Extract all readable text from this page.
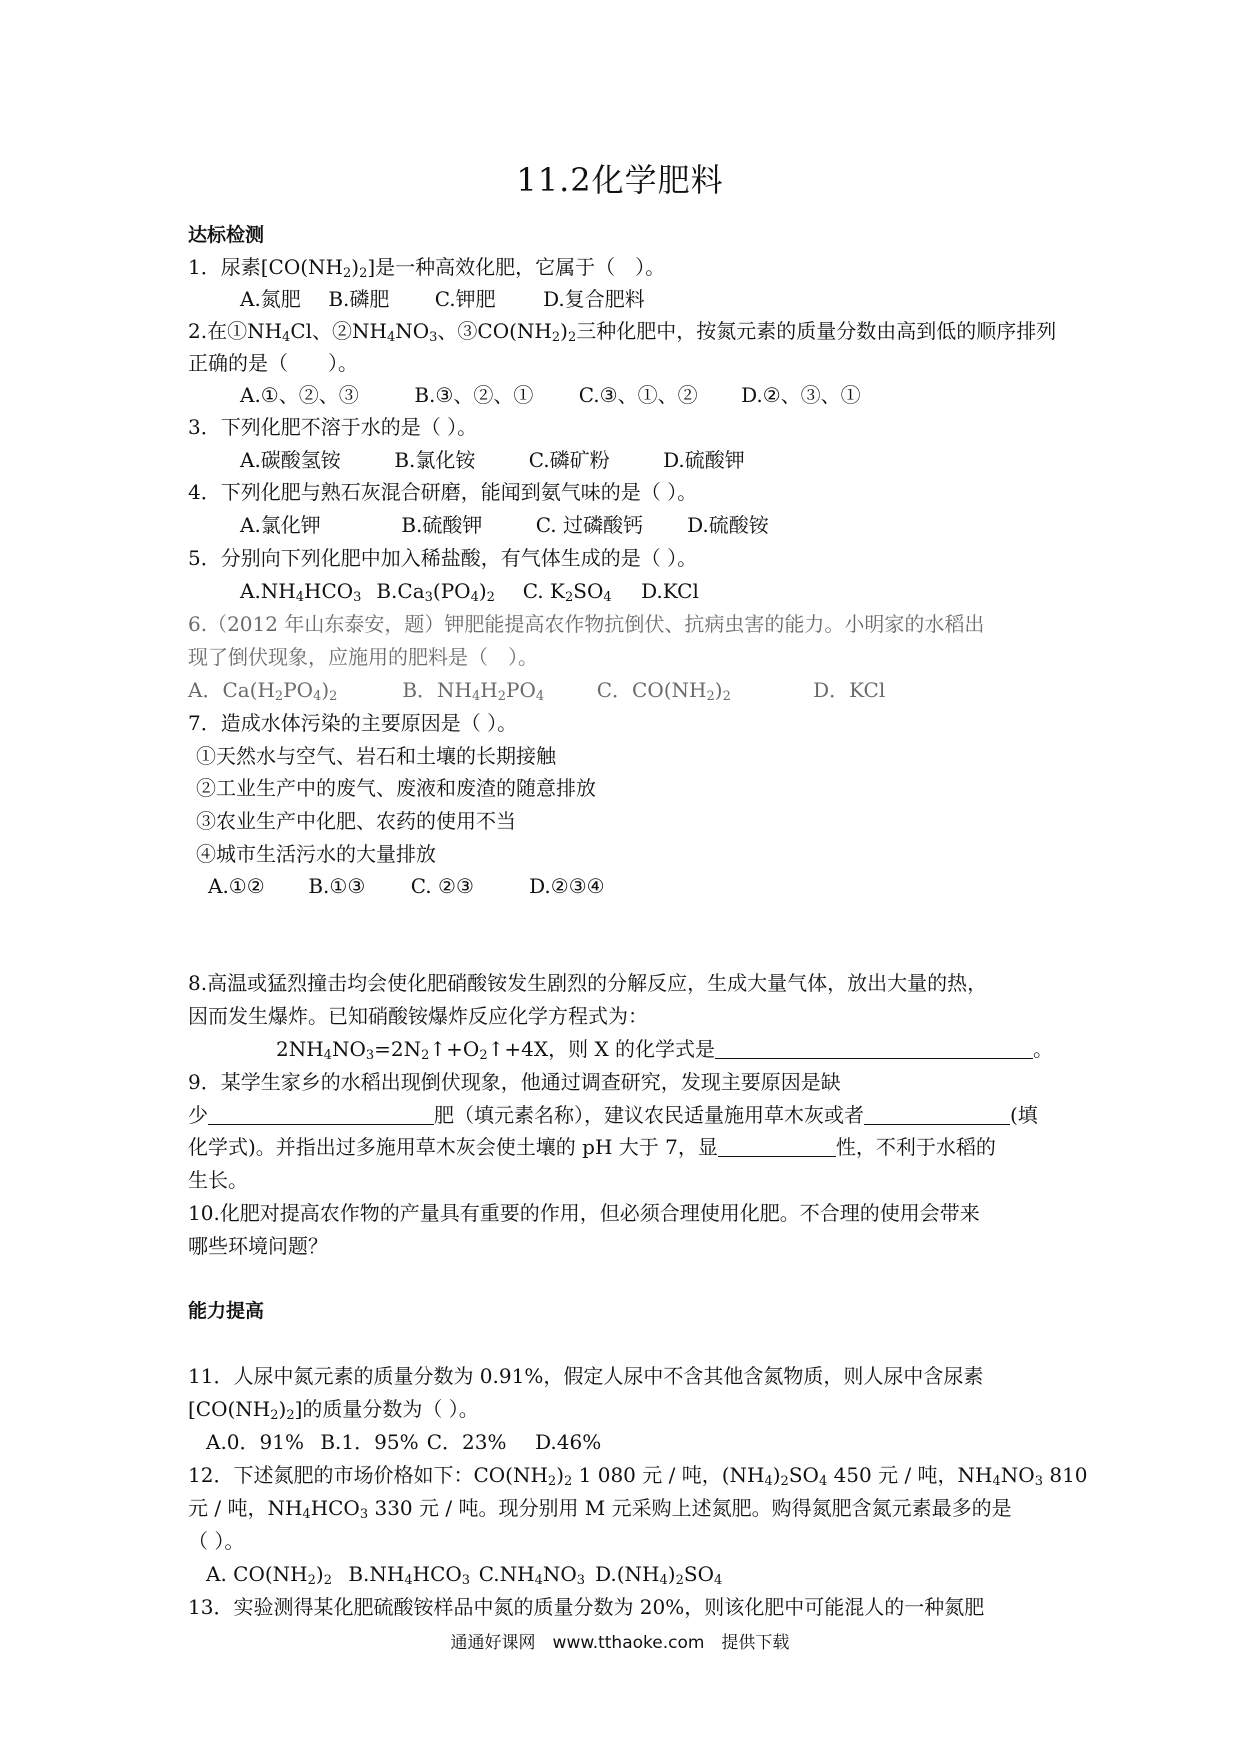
11.2化学肥料
达标检测
1．尿素$[CO(NH_2)_2]$是一种高效化肥，它属于（　）。
A.氮肥 B.磷肥 C.钾肥 D.复合肥料
2.在$①NH_4Cl$、$②NH_4NO_3$、$③CO(NH_2)_2$三种化肥中，按氮元素的质量分数由高到低的顺序排列
正确的是（　　）。
A.①、②、③	B.③、②、① C.③、①、② D.②、③、①
3．下列化肥不溶于水的是（ ）。
A.碳酸氢铵	B.氯化铵	C.磷矿粉	D.硫酸钾
4．下列化肥与熟石灰混合研磨，能闻到氨气味的是（ ）。
A.氯化钾	B.硫酸钾	C. 过磷酸钙 D.硫酸铵
5．分别向下列化肥中加入稀盐酸，有气体生成的是（ ）。
$A.NH_4HCO_3$ $B.Ca_3(PO_4)_2$ C. $K_2SO_4$ D.KCl
6.（2012 年山东泰安，题）钾肥能提高农作物抗倒伏、抗病虫害的能力。小明家的水稻出
现了倒伏现象，应施用的肥料是（　）。
A．$Ca(H_2PO_4)_2$	B．$NH_4H_2PO_4$	C．$CO(NH_2)_2$	D．KCl
7．造成水体污染的主要原因是（ ）。
①天然水与空气、岩石和土壤的长期接触
②工业生产中的废气、废液和废渣的随意排放
③农业生产中化肥、农药的使用不当
④城市生活污水的大量排放
A.①② B.①③ C. ②③	D.②③④
8.高温或猛烈撞击均会使化肥硝酸铵发生剧烈的分解反应，生成大量气体，放出大量的热，
因而发生爆炸。已知硝酸铵爆炸反应化学方程式为：
$2NH_4NO_3=2N_2↑+O_2↑+4X$，则 X 的化学式是	。
9．某学生家乡的水稻出现倒伏现象，他通过调查研究，发现主要原因是缺
少	肥（填元素名称），建议农民适量施用草木灰或者	(填
化学式)。并指出过多施用草木灰会使土壤的 pH 大于 7，显	性，不利于水稻的
生长。
10.化肥对提高农作物的产量具有重要的作用，但必须合理使用化肥。不合理的使用会带来
哪些环境问题？
能力提高
11．人尿中氮元素的质量分数为 0.91%，假定人尿中不含其他含氮物质，则人尿中含尿素
$[CO(NH_2)_2]$的质量分数为（ ）。
A.0．91% B.1．95% C．23% D.46%
12．下述氮肥的市场价格如下：$CO(NH_2)_2$ 1 080 元 / 吨，$(NH_4)_2SO_4$ 450 元 / 吨，$NH_4NO_3$ 810
元 / 吨，$NH_4HCO_3$ 330 元 / 吨。现分别用 M 元采购上述氮肥。购得氮肥含氮元素最多的是
（ ）。
A. $CO(NH_2)_2$ $B.NH_4HCO_3$ $C.NH_4NO_3$ $D.(NH_4)_2SO_4$
13．实验测得某化肥硫酸铵样品中氮的质量分数为 20%，则该化肥中可能混人的一种氮肥
通通好课网　www.tthaoke.com　提供下载
